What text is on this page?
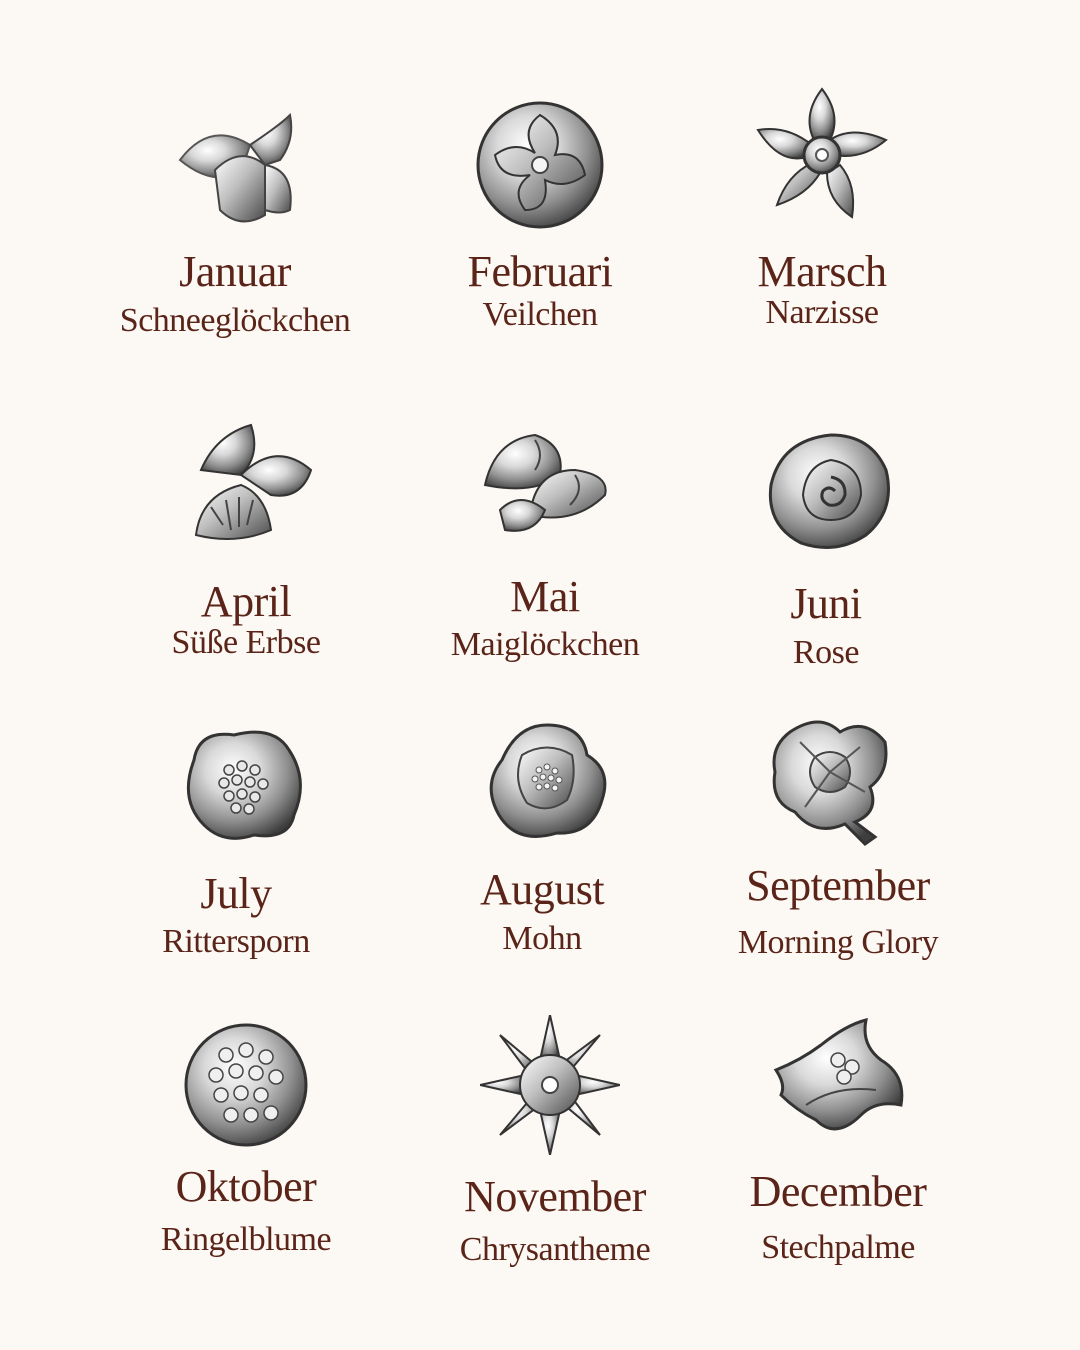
Januar
Schneeglöckchen
Februari
Veilchen
Marsch
Narzisse
April
Süße Erbse
Mai
Maiglöckchen
Juni
Rose
July
Rittersporn
August
Mohn
September
Morning Glory
Oktober
Ringelblume
November
Chrysantheme
December
Stechpalme
